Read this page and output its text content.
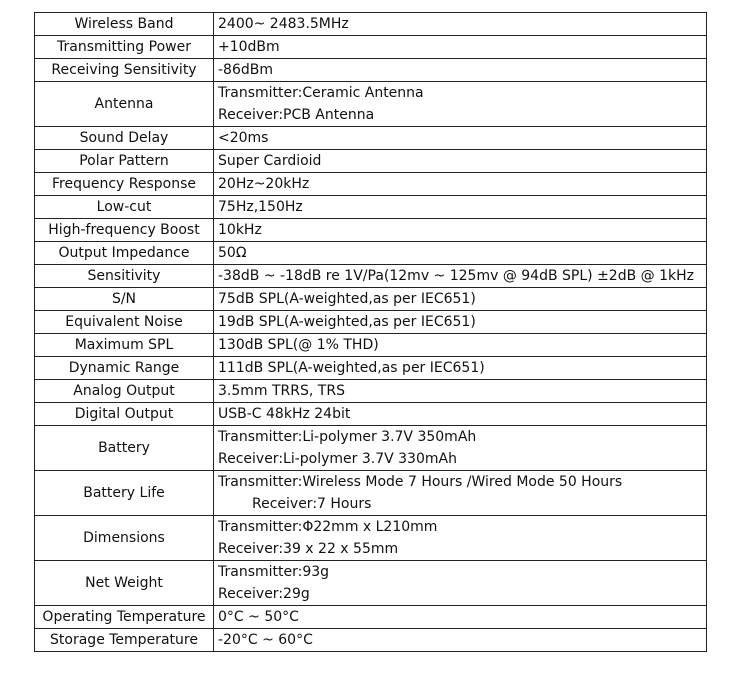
Wireless Band	2400~ 2483.5MHz

Transmitting Power	+10dBm

Receiving Sensitivity	-86dBm

Antenna	Transmitter:Ceramic Antenna
Receiver:PCB Antenna

Sound Delay	<20ms

Polar Pattern	Super Cardioid

Frequency Response	20Hz~20kHz

Low-cut	75Hz,150Hz

High-frequency Boost	10kHz

Output Impedance	50Ω

Sensitivity	-38dB ~ -18dB re 1V/Pa(12mv ~ 125mv @ 94dB SPL) ±2dB @ 1kHz

S/N	75dB SPL(A-weighted,as per IEC651)

Equivalent Noise	19dB SPL(A-weighted,as per IEC651)

Maximum SPL	130dB SPL(@ 1% THD)

Dynamic Range	111dB SPL(A-weighted,as per IEC651)

Analog Output	3.5mm TRRS, TRS

Digital Output	USB-C 48kHz 24bit

Battery	Transmitter:Li-polymer 3.7V 350mAh
Receiver:Li-polymer 3.7V 330mAh

Battery Life	Transmitter:Wireless Mode 7 Hours /Wired Mode 50 Hours
Receiver:7 Hours

Dimensions	Transmitter:Φ22mm x L210mm
Receiver:39 x 22 x 55mm

Net Weight	Transmitter:93g
Receiver:29g

Operating Temperature	0°C ~ 50°C

Storage Temperature	-20°C ~ 60°C
